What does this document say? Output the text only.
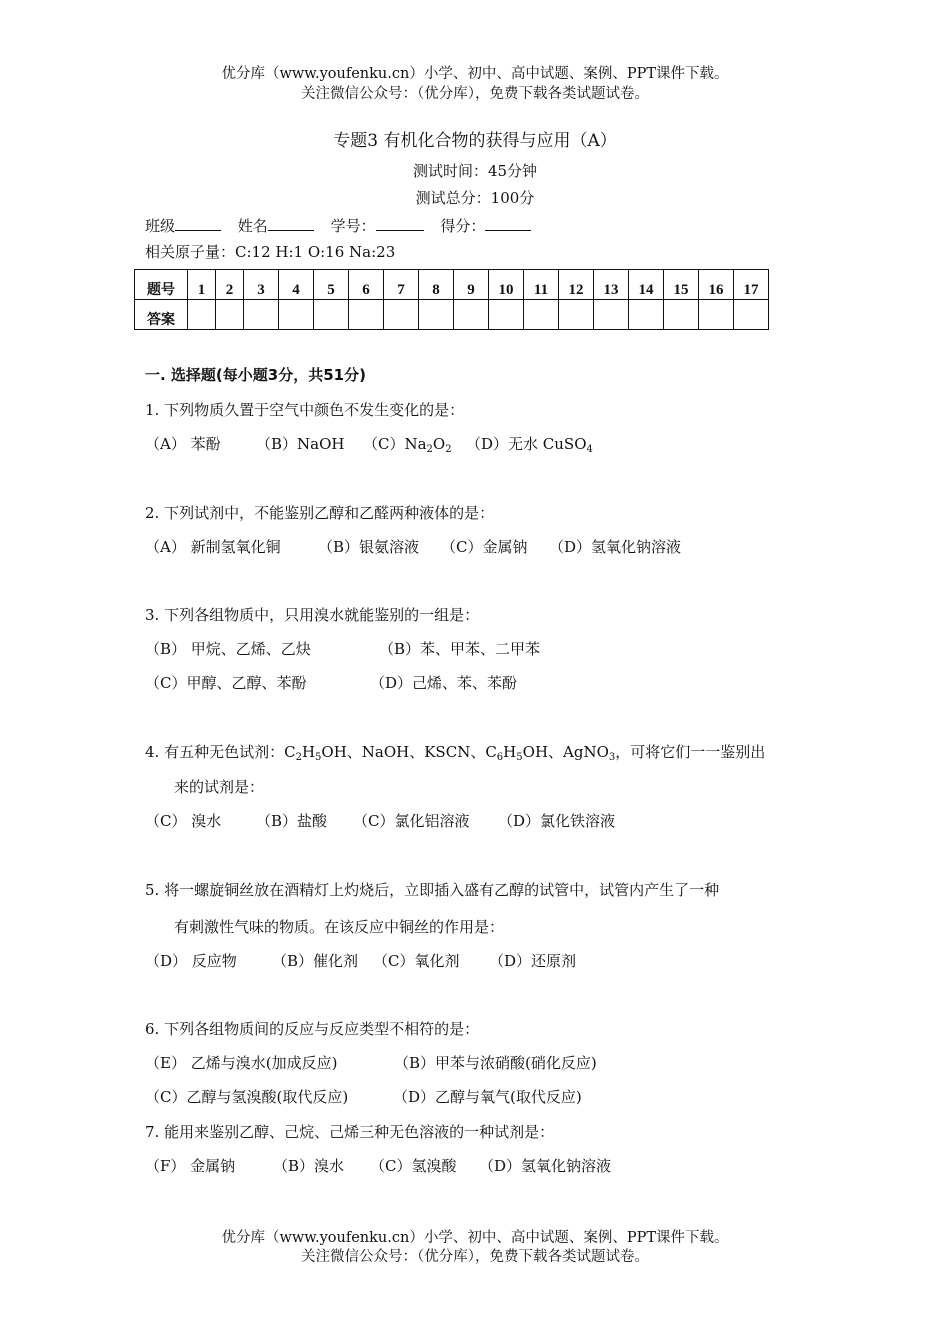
优分库（www.youfenku.cn）小学、初中、高中试题、案例、PPT课件下载。
关注微信公众号：（优分库），免费下载各类试题试卷。
专题3 有机化合物的获得与应用（A）
测试时间：45分钟
测试总分：100分
班级	姓名	学号：	得分：
相关原子量：C:12 H:1 O:16 Na:23
题号	1	2	3	4	5	6	7	8	9	10	11	12	13	14	15	16	17
答案																	
一. 选择题(每小题3分，共51分)
1. 下列物质久置于空气中颜色不发生变化的是：
（A） 苯酚 （B）NaOH $(C)Na_2O_2$ （D）无水 CuSO$_4$
2. 下列试剂中，不能鉴别乙醇和乙醛两种液体的是：
（A） 新制氢氧化铜 （B）银氨溶液 （C）金属钠 （D）氢氧化钠溶液
3. 下列各组物质中，只用溴水就能鉴别的一组是：
（B） 甲烷、乙烯、乙炔	（B）苯、甲苯、二甲苯
（C）甲醇、乙醇、苯酚	（D）己烯、苯、苯酚
4. 有五种无色试剂：$C_2H_5OH$、NaOH、KSCN、$C_6H_5OH$、AgNO$_3$，可将它们一一鉴别出
来的试剂是：
（C） 溴水 （B）盐酸 （C）氯化铝溶液 （D）氯化铁溶液
5. 将一螺旋铜丝放在酒精灯上灼烧后，立即插入盛有乙醇的试管中，试管内产生了一种
有刺激性气味的物质。在该反应中铜丝的作用是：
（D） 反应物 （B）催化剂 （C）氧化剂 （D）还原剂
6. 下列各组物质间的反应与反应类型不相符的是：
（E） 乙烯与溴水(加成反应)	（B）甲苯与浓硝酸(硝化反应)
（C）乙醇与氢溴酸(取代反应)	（D）乙醇与氧气(取代反应)
7. 能用来鉴别乙醇、己烷、己烯三种无色溶液的一种试剂是：
（F） 金属钠	（B）溴水 （C）氢溴酸 （D）氢氧化钠溶液
优分库（www.youfenku.cn）小学、初中、高中试题、案例、PPT课件下载。
关注微信公众号：（优分库），免费下载各类试题试卷。
